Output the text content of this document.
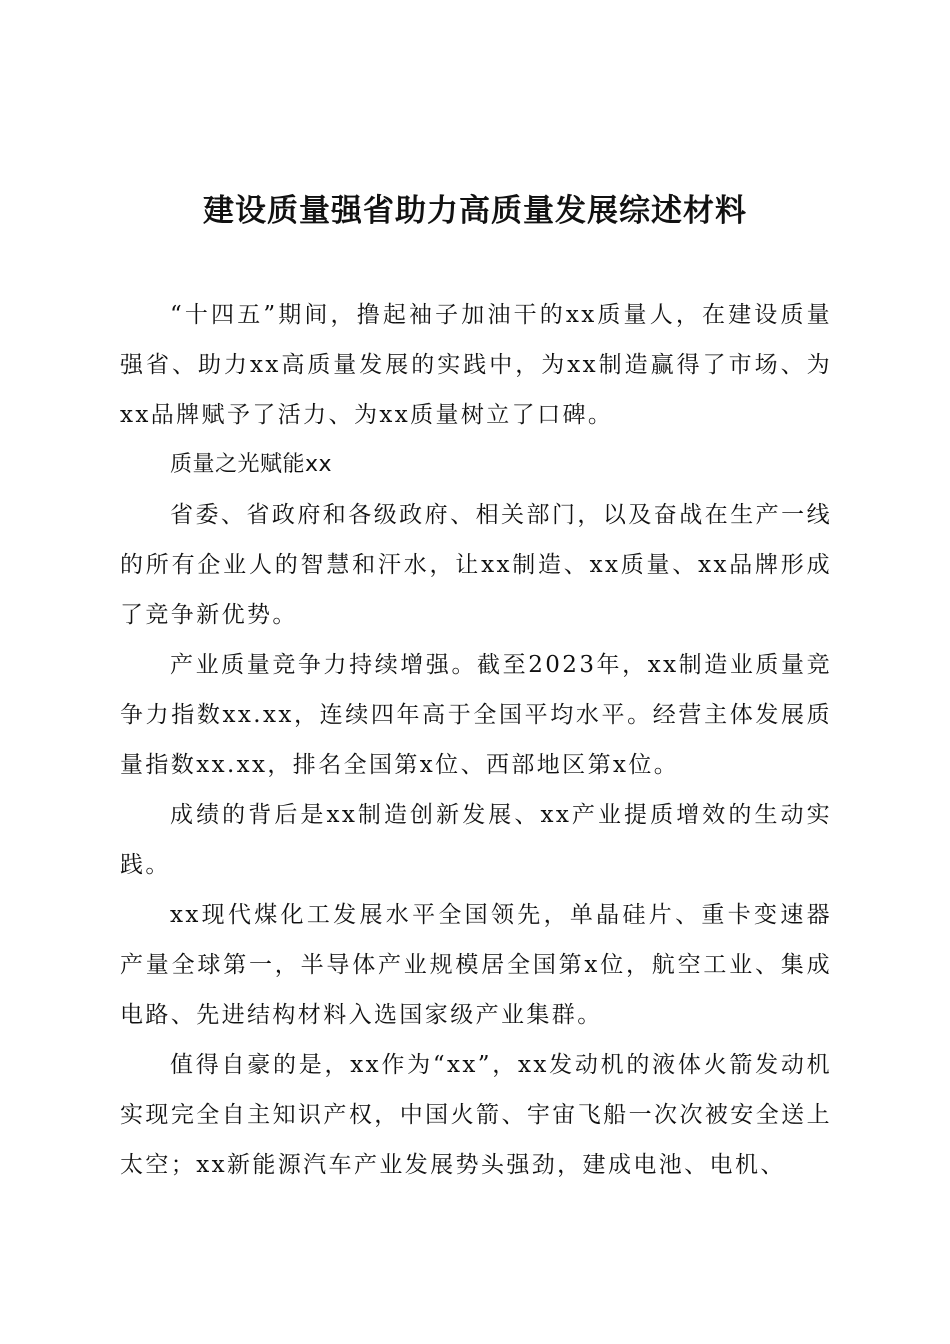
建设质量强省助力高质量发展综述材料

“十四五”期间，撸起袖子加油干的xx质量人，在建设质量强省、助力xx高质量发展的实践中，为xx制造赢得了市场、为xx品牌赋予了活力、为xx质量树立了口碑。

质量之光赋能xx

省委、省政府和各级政府、相关部门，以及奋战在生产一线的所有企业人的智慧和汗水，让xx制造、xx质量、xx品牌形成了竞争新优势。

产业质量竞争力持续增强。截至2023年，xx制造业质量竞争力指数xx.xx，连续四年高于全国平均水平。经营主体发展质量指数xx.xx，排名全国第x位、西部地区第x位。

成绩的背后是xx制造创新发展、xx产业提质增效的生动实践。

xx现代煤化工发展水平全国领先，单晶硅片、重卡变速器产量全球第一，半导体产业规模居全国第x位，航空工业、集成电路、先进结构材料入选国家级产业集群。

值得自豪的是，xx作为“xx”，xx发动机的液体火箭发动机实现完全自主知识产权，中国火箭、宇宙飞船一次次被安全送上太空；xx新能源汽车产业发展势头强劲，建成电池、电机、
